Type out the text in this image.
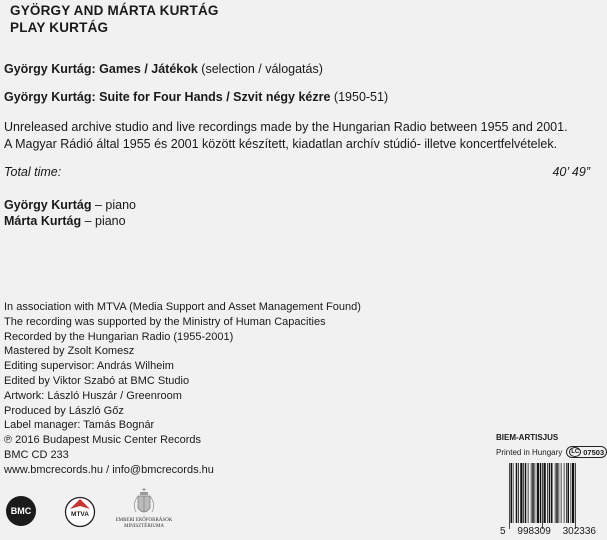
GYÖRGY AND MÁRTA KURTÁG
PLAY KURTÁG
György Kurtág: Games / Játékok (selection / válogatás)
György Kurtág: Suite for Four Hands / Szvit négy kézre (1950-51)
Unreleased archive studio and live recordings made by the Hungarian Radio between 1955 and 2001.
A Magyar Rádió által 1955 és 2001 között készített, kiadatlan archív stúdió- illetve koncertfelvételek.
Total time:	40’ 49”
György Kurtág – piano
Márta Kurtág – piano
In association with MTVA (Media Support and Asset Management Found)
The recording was supported by the Ministry of Human Capacities
Recorded by the Hungarian Radio (1955-2001)
Mastered by Zsolt Komesz
Editing supervisor: András Wilheim
Edited by Viktor Szabó at BMC Studio
Artwork: László Huszár / Greenroom
Produced by László Gőz
Label manager: Tamás Bognár
℗ 2016 Budapest Music Center Records
BMC CD 233
www.bmcrecords.hu / info@bmcrecords.hu
BIEM-ARTISJUS
Printed in Hungary	LC 07503
BMC	MTVA
EMBERI ERŐFORRÁSOK
MINISZTÉRIUMA	5 998309 302336
